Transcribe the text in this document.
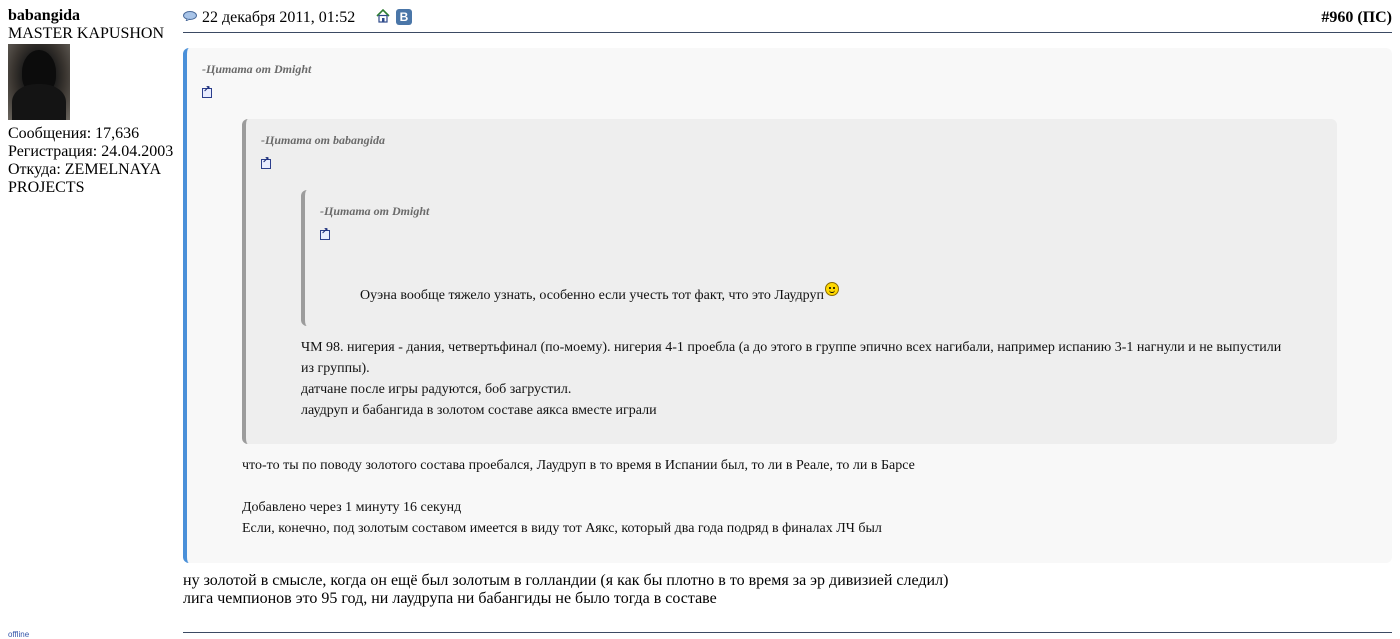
babangida
MASTER KAPUSHON
Сообщения: 17,636
Регистрация: 24.04.2003
Откуда: ZEMELNAYA
PROJECTS
offline
22 декабря 2011, 01:52	В	#960 (ПС)
-Цитата от Dmight
↗
-Цитата от babangida
↗
-Цитата от Dmight
↗
Оуэна вообще тяжело узнать, особенно если учесть тот факт, что это Лаудруп
ЧМ 98. нигерия - дания, четвертьфинал (по-моему). нигерия 4-1 проебла (а до этого в группе эпично всех нагибали, например испанию 3-1 нагнули и не выпустили
из группы).
датчане после игры радуются, боб загрустил.
лаудруп и бабангида в золотом составе аякса вместе играли
что-то ты по поводу золотого состава проебался, Лаудруп в то время в Испании был, то ли в Реале, то ли в Барсе
Добавлено через 1 минуту 16 секунд
Если, конечно, под золотым составом имеется в виду тот Аякс, который два года подряд в финалах ЛЧ был
ну золотой в смысле, когда он ещё был золотым в голландии (я как бы плотно в то время за эр дивизией следил)
лига чемпионов это 95 год, ни лаудрупа ни бабангиды не было тогда в составе
